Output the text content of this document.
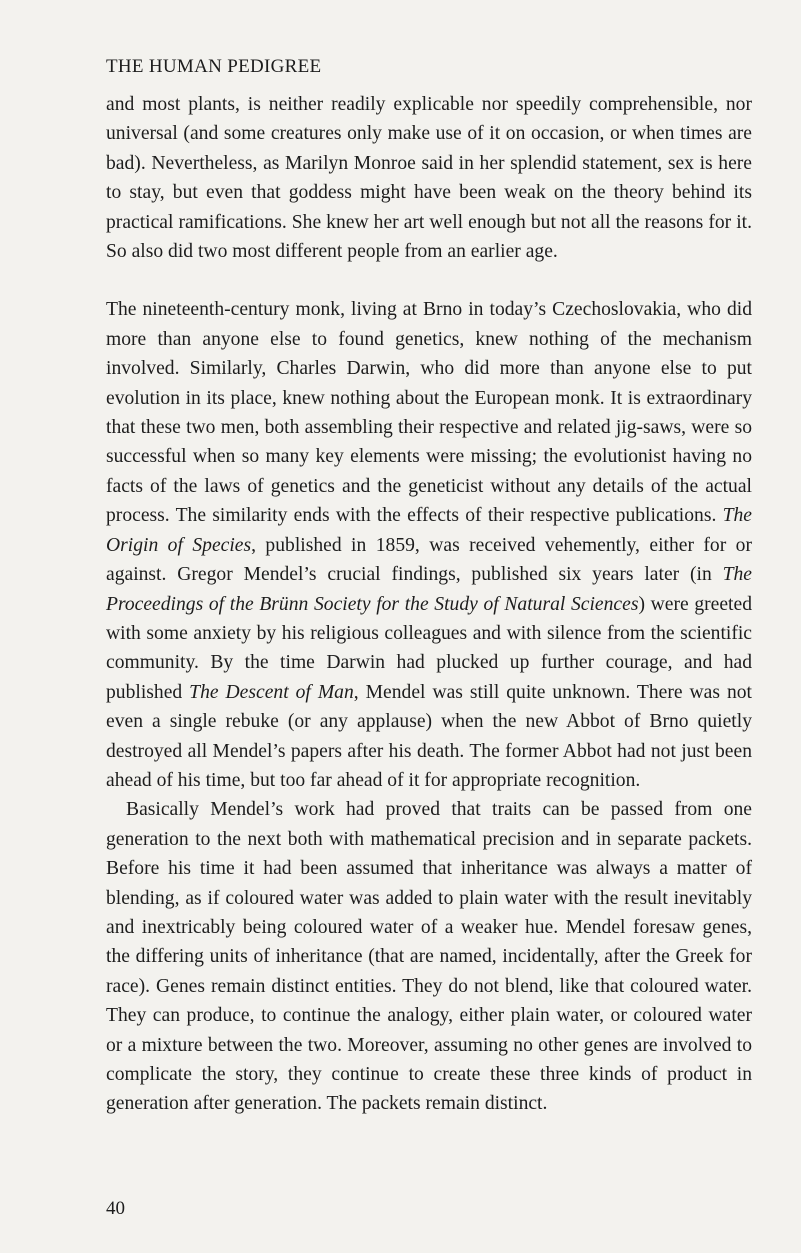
THE HUMAN PEDIGREE

and most plants, is neither readily explicable nor speedily comprehensible, nor universal (and some creatures only make use of it on occasion, or when times are bad). Nevertheless, as Marilyn Monroe said in her splendid statement, sex is here to stay, but even that goddess might have been weak on the theory behind its practical ramifications. She knew her art well enough but not all the reasons for it. So also did two most different people from an earlier age.

The nineteenth-century monk, living at Brno in today’s Czechoslovakia, who did more than anyone else to found genetics, knew nothing of the mechanism involved. Similarly, Charles Darwin, who did more than anyone else to put evolution in its place, knew nothing about the European monk. It is extraordinary that these two men, both assembling their respective and related jig-saws, were so successful when so many key elements were missing; the evolutionist having no facts of the laws of genetics and the geneticist without any details of the actual process. The similarity ends with the effects of their respective publications. The Origin of Species, published in 1859, was received vehemently, either for or against. Gregor Mendel’s crucial findings, published six years later (in The Proceedings of the Brünn Society for the Study of Natural Sciences) were greeted with some anxiety by his religious colleagues and with silence from the scientific community. By the time Darwin had plucked up further courage, and had published The Descent of Man, Mendel was still quite unknown. There was not even a single rebuke (or any applause) when the new Abbot of Brno quietly destroyed all Mendel’s papers after his death. The former Abbot had not just been ahead of his time, but too far ahead of it for appropriate recognition.

Basically Mendel’s work had proved that traits can be passed from one generation to the next both with mathematical precision and in separate packets. Before his time it had been assumed that inheritance was always a matter of blending, as if coloured water was added to plain water with the result inevitably and inextricably being coloured water of a weaker hue. Mendel foresaw genes, the differing units of inheritance (that are named, incidentally, after the Greek for race). Genes remain distinct entities. They do not blend, like that coloured water. They can produce, to continue the analogy, either plain water, or coloured water or a mixture between the two. Moreover, assuming no other genes are involved to complicate the story, they continue to create these three kinds of product in generation after generation. The packets remain distinct.

40
